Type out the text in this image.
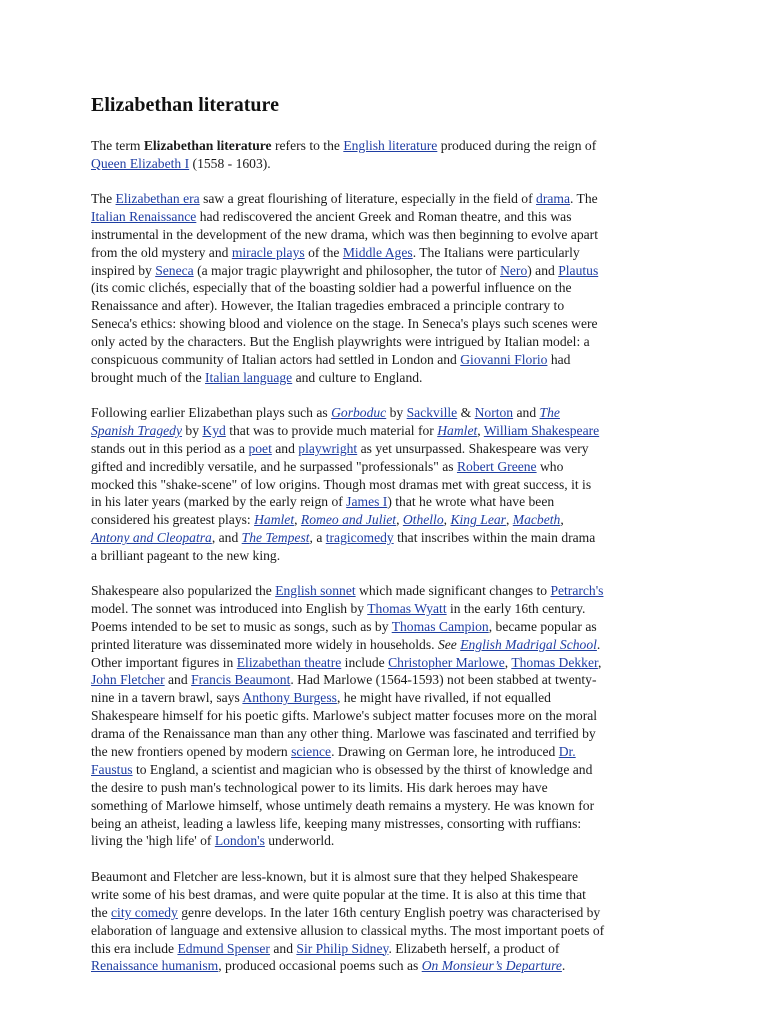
Elizabethan literature
The term Elizabethan literature refers to the English literature produced during the reign of
Queen Elizabeth I (1558 - 1603).
The Elizabethan era saw a great flourishing of literature, especially in the field of drama. The
Italian Renaissance had rediscovered the ancient Greek and Roman theatre, and this was
instrumental in the development of the new drama, which was then beginning to evolve apart
from the old mystery and miracle plays of the Middle Ages. The Italians were particularly
inspired by Seneca (a major tragic playwright and philosopher, the tutor of Nero) and Plautus
(its comic clichés, especially that of the boasting soldier had a powerful influence on the
Renaissance and after). However, the Italian tragedies embraced a principle contrary to
Seneca's ethics: showing blood and violence on the stage. In Seneca's plays such scenes were
only acted by the characters. But the English playwrights were intrigued by Italian model: a
conspicuous community of Italian actors had settled in London and Giovanni Florio had
brought much of the Italian language and culture to England.
Following earlier Elizabethan plays such as Gorboduc by Sackville & Norton and The
Spanish Tragedy by Kyd that was to provide much material for Hamlet, William Shakespeare
stands out in this period as a poet and playwright as yet unsurpassed. Shakespeare was very
gifted and incredibly versatile, and he surpassed "professionals" as Robert Greene who
mocked this "shake-scene" of low origins. Though most dramas met with great success, it is
in his later years (marked by the early reign of James I) that he wrote what have been
considered his greatest plays: Hamlet, Romeo and Juliet, Othello, King Lear, Macbeth,
Antony and Cleopatra, and The Tempest, a tragicomedy that inscribes within the main drama
a brilliant pageant to the new king.
Shakespeare also popularized the English sonnet which made significant changes to Petrarch's
model. The sonnet was introduced into English by Thomas Wyatt in the early 16th century.
Poems intended to be set to music as songs, such as by Thomas Campion, became popular as
printed literature was disseminated more widely in households. See English Madrigal School.
Other important figures in Elizabethan theatre include Christopher Marlowe, Thomas Dekker,
John Fletcher and Francis Beaumont. Had Marlowe (1564-1593) not been stabbed at twenty-
nine in a tavern brawl, says Anthony Burgess, he might have rivalled, if not equalled
Shakespeare himself for his poetic gifts. Marlowe's subject matter focuses more on the moral
drama of the Renaissance man than any other thing. Marlowe was fascinated and terrified by
the new frontiers opened by modern science. Drawing on German lore, he introduced Dr.
Faustus to England, a scientist and magician who is obsessed by the thirst of knowledge and
the desire to push man's technological power to its limits. His dark heroes may have
something of Marlowe himself, whose untimely death remains a mystery. He was known for
being an atheist, leading a lawless life, keeping many mistresses, consorting with ruffians:
living the 'high life' of London's underworld.
Beaumont and Fletcher are less-known, but it is almost sure that they helped Shakespeare
write some of his best dramas, and were quite popular at the time. It is also at this time that
the city comedy genre develops. In the later 16th century English poetry was characterised by
elaboration of language and extensive allusion to classical myths. The most important poets of
this era include Edmund Spenser and Sir Philip Sidney. Elizabeth herself, a product of
Renaissance humanism, produced occasional poems such as On Monsieur’s Departure.
